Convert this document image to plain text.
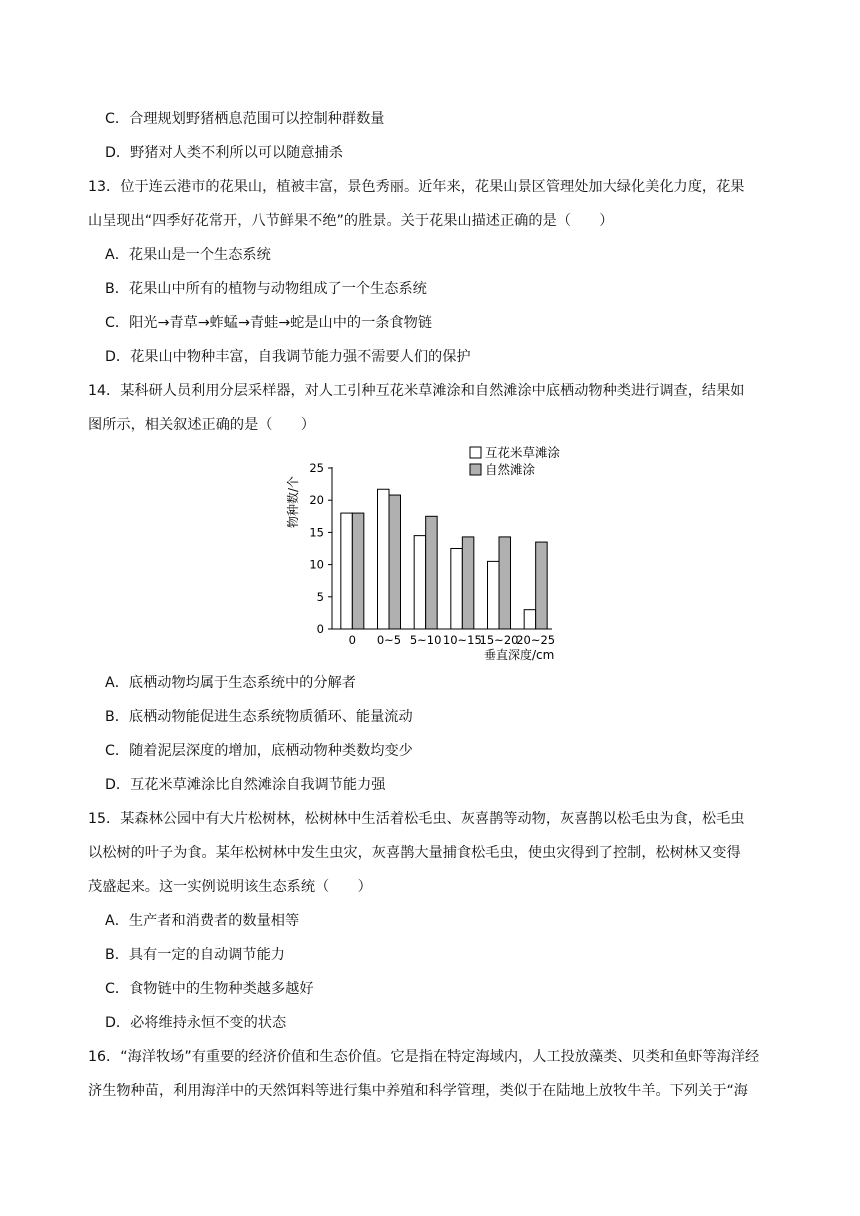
C．合理规划野猪栖息范围可以控制种群数量
D．野猪对人类不利所以可以随意捕杀
13．位于连云港市的花果山，植被丰富，景色秀丽。近年来，花果山景区管理处加大绿化美化力度，花果
山呈现出“四季好花常开，八节鲜果不绝”的胜景。关于花果山描述正确的是（　　）
A．花果山是一个生态系统
B．花果山中所有的植物与动物组成了一个生态系统
C．阳光→青草→蚱蜢→青蛙→蛇是山中的一条食物链
D．花果山中物种丰富，自我调节能力强不需要人们的保护
14．某科研人员利用分层采样器，对人工引种互花米草滩涂和自然滩涂中底栖动物种类进行调查，结果如
图所示，相关叙述正确的是（　　）
互花米草滩涂
自然滩涂
物种数/个
垂直深度/cm
0
5
10
15
20
25
0 0~5 5~10 10~15
15~20
20~25
A．底栖动物均属于生态系统中的分解者
B．底栖动物能促进生态系统物质循环、能量流动
C．随着泥层深度的增加，底栖动物种类数均变少
D．互花米草滩涂比自然滩涂自我调节能力强
15．某森林公园中有大片松树林，松树林中生活着松毛虫、灰喜鹊等动物，灰喜鹊以松毛虫为食，松毛虫
以松树的叶子为食。某年松树林中发生虫灾，灰喜鹊大量捕食松毛虫，使虫灾得到了控制，松树林又变得
茂盛起来。这一实例说明该生态系统（　　）
A．生产者和消费者的数量相等
B．具有一定的自动调节能力
C．食物链中的生物种类越多越好
D．必将维持永恒不变的状态
16．“海洋牧场”有重要的经济价值和生态价值。它是指在特定海域内，人工投放藻类、贝类和鱼虾等海洋经
济生物种苗，利用海洋中的天然饵料等进行集中养殖和科学管理，类似于在陆地上放牧牛羊。下列关于“海
